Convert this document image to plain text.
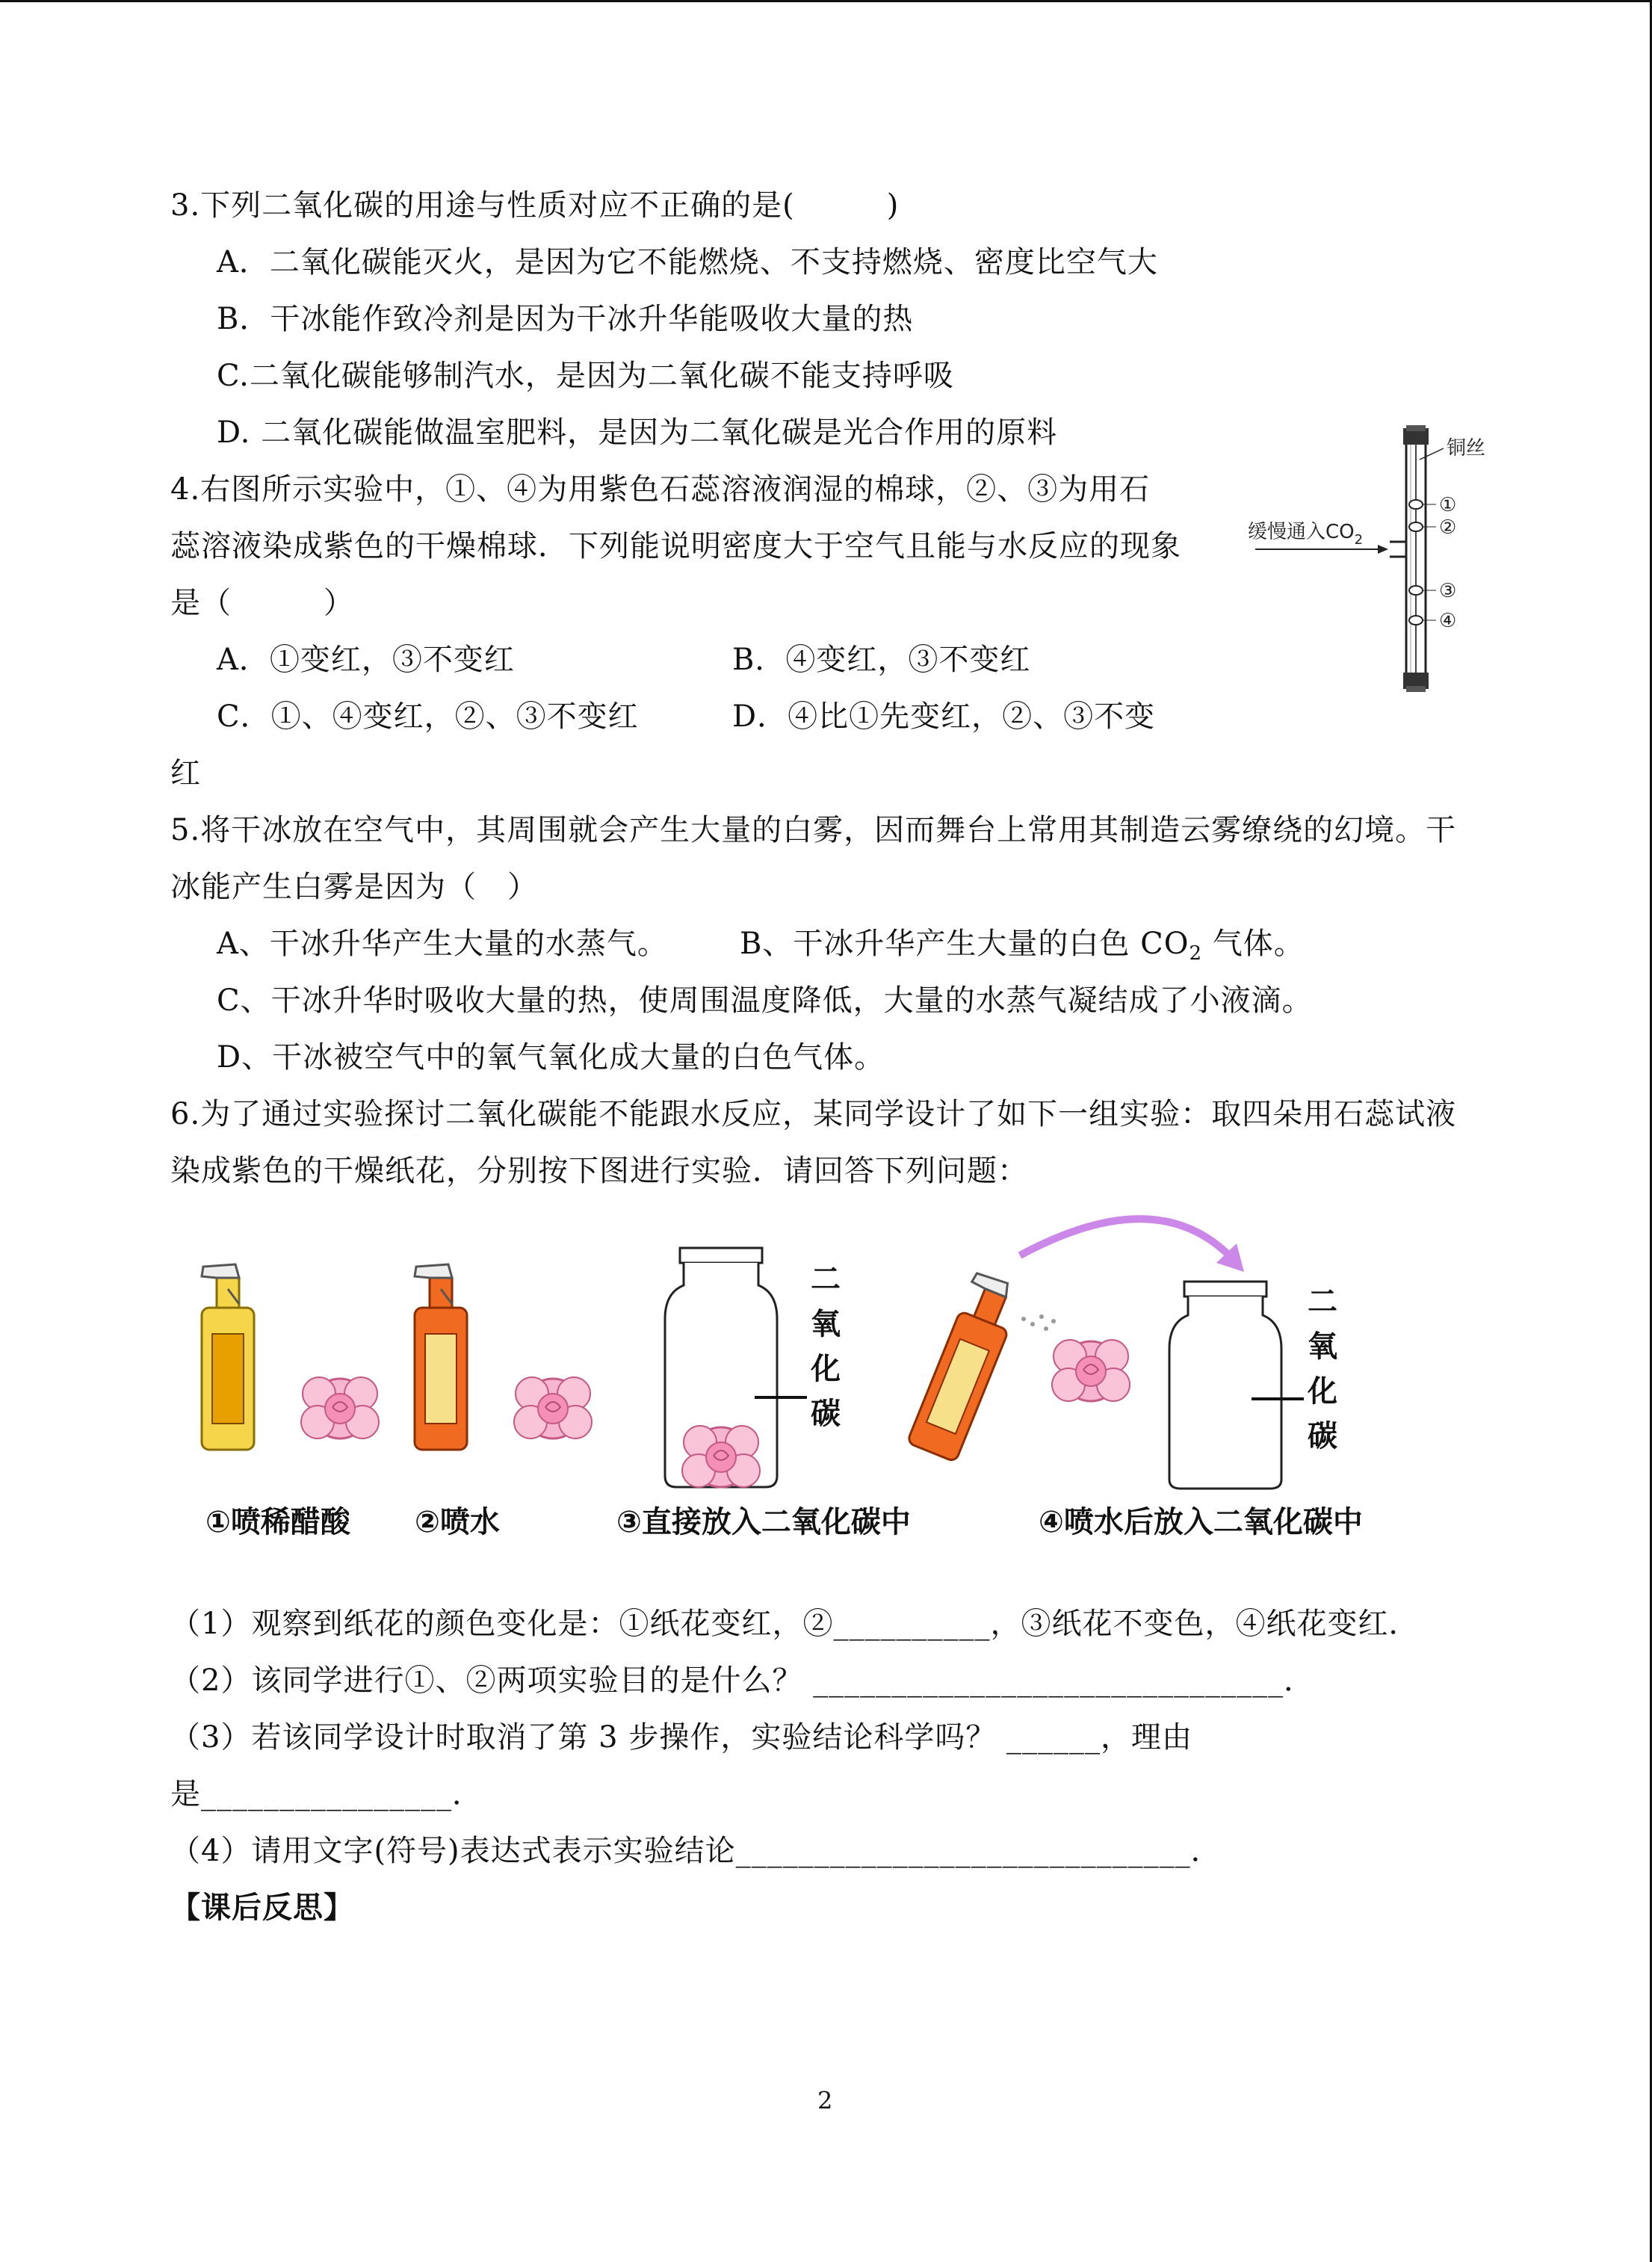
3.下列二氧化碳的用途与性质对应不正确的是(　　　)
A．二氧化碳能灭火，是因为它不能燃烧、不支持燃烧、密度比空气大
B．干冰能作致冷剂是因为干冰升华能吸收大量的热
C.二氧化碳能够制汽水，是因为二氧化碳不能支持呼吸
D. 二氧化碳能做温室肥料，是因为二氧化碳是光合作用的原料
4.右图所示实验中，①、④为用紫色石蕊溶液润湿的棉球，②、③为用石
蕊溶液染成紫色的干燥棉球．下列能说明密度大于空气且能与水反应的现象
是（　　　）
A．①变红，③不变红	B．④变红，③不变红
C．①、④变红，②、③不变红	D．④比①先变红，②、③不变
红
铜丝
①
②
③
④
缓慢通入$CO_2$
5.将干冰放在空气中，其周围就会产生大量的白雾，因而舞台上常用其制造云雾缭绕的幻境。干
冰能产生白雾是因为（　）
A、干冰升华产生大量的水蒸气。 B、干冰升华产生大量的白色 $CO_2$ 气体。
C、干冰升华时吸收大量的热，使周围温度降低，大量的水蒸气凝结成了小液滴。
D、干冰被空气中的氧气氧化成大量的白色气体。
6.为了通过实验探讨二氧化碳能不能跟水反应，某同学设计了如下一组实验：取四朵用石蕊试液
染成紫色的干燥纸花，分别按下图进行实验．请回答下列问题：
二
氧
化
碳
二
氧
化
碳
①喷稀醋酸 ②喷水	③直接放入二氧化碳中	④喷水后放入二氧化碳中
（1）观察到纸花的颜色变化是：①纸花变红，②__________，③纸花不变色，④纸花变红．
（2）该同学进行①、②两项实验目的是什么？ ______________________________．
（3）若该同学设计时取消了第 3 步操作，实验结论科学吗？ ______，理由
是________________．
（4）请用文字(符号)表达式表示实验结论_____________________________．
【课后反思】
2
